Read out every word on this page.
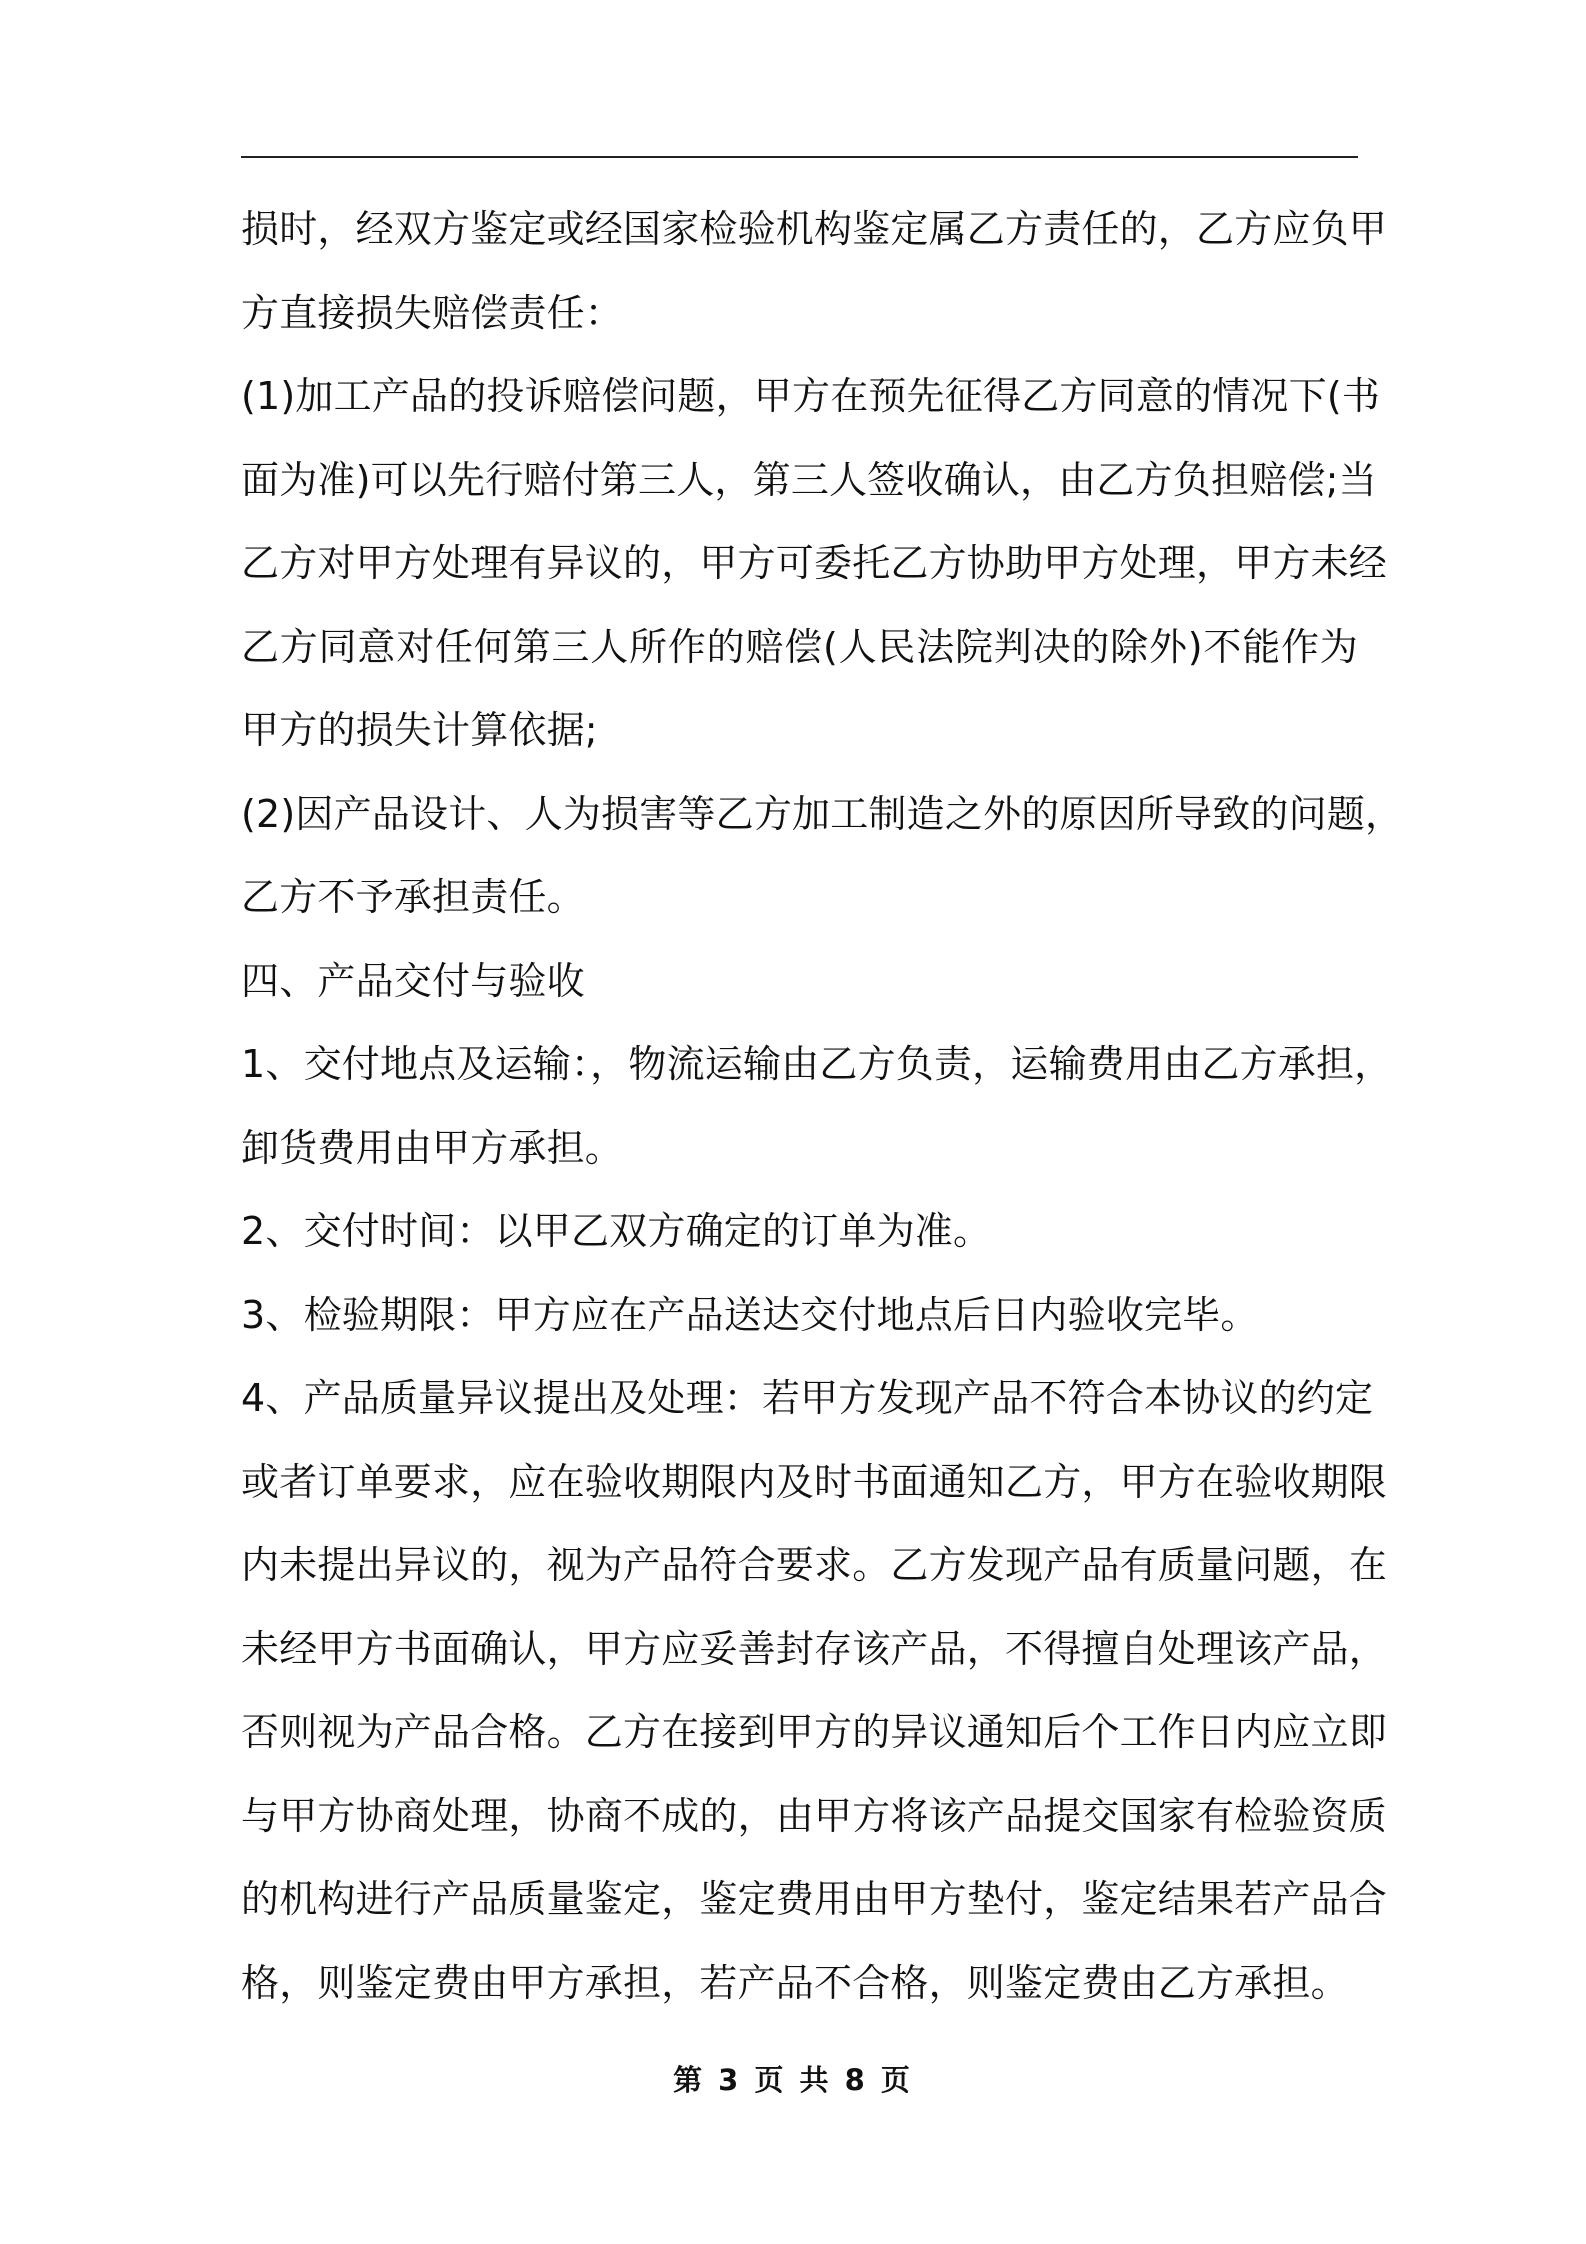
损时，经双方鉴定或经国家检验机构鉴定属乙方责任的，乙方应负甲
方直接损失赔偿责任：
(1)加工产品的投诉赔偿问题，甲方在预先征得乙方同意的情况下(书
面为准)可以先行赔付第三人，第三人签收确认，由乙方负担赔偿;当
乙方对甲方处理有异议的，甲方可委托乙方协助甲方处理，甲方未经
乙方同意对任何第三人所作的赔偿(人民法院判决的除外)不能作为
甲方的损失计算依据;
(2)因产品设计、人为损害等乙方加工制造之外的原因所导致的问题，
乙方不予承担责任。
四、产品交付与验收
1、交付地点及运输：，物流运输由乙方负责，运输费用由乙方承担，
卸货费用由甲方承担。
2、交付时间：以甲乙双方确定的订单为准。
3、检验期限：甲方应在产品送达交付地点后日内验收完毕。
4、产品质量异议提出及处理：若甲方发现产品不符合本协议的约定
或者订单要求，应在验收期限内及时书面通知乙方，甲方在验收期限
内未提出异议的，视为产品符合要求。乙方发现产品有质量问题，在
未经甲方书面确认，甲方应妥善封存该产品，不得擅自处理该产品，
否则视为产品合格。乙方在接到甲方的异议通知后个工作日内应立即
与甲方协商处理，协商不成的，由甲方将该产品提交国家有检验资质
的机构进行产品质量鉴定，鉴定费用由甲方垫付，鉴定结果若产品合
格，则鉴定费由甲方承担，若产品不合格，则鉴定费由乙方承担。
第 3 页 共 8 页
